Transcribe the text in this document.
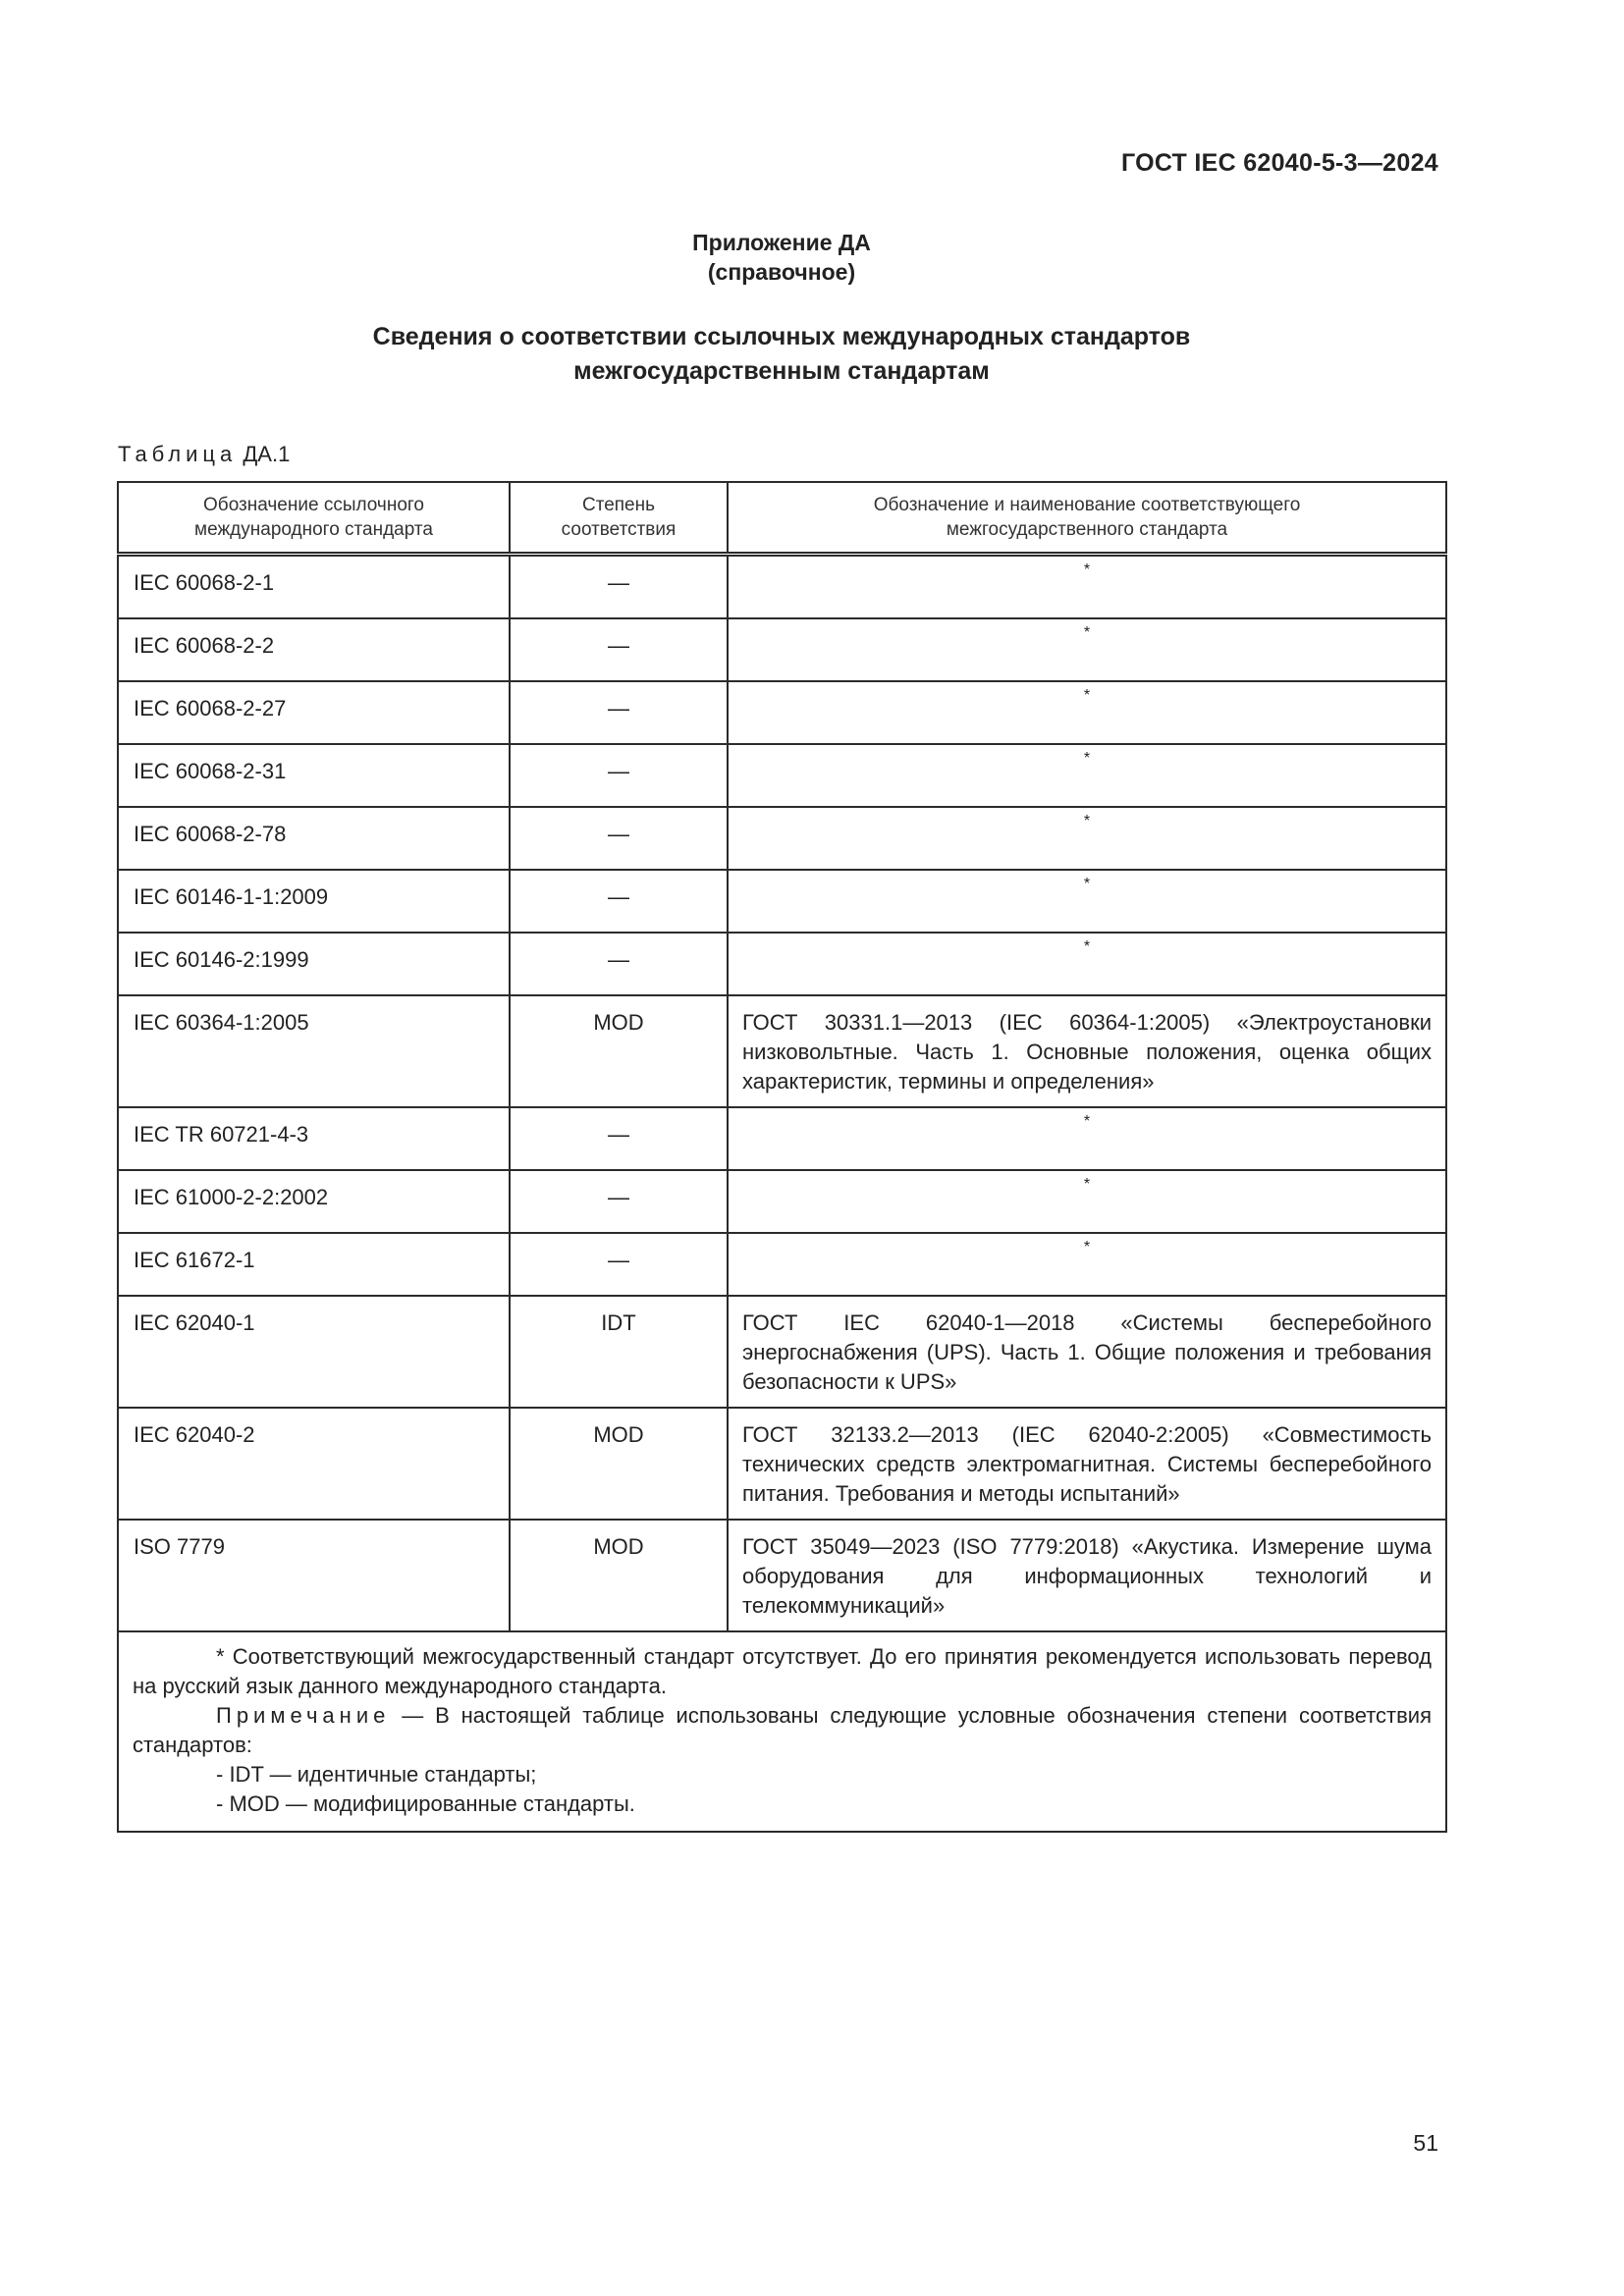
ГОСТ IEC 62040-5-3—2024
Приложение ДА
(справочное)
Сведения о соответствии ссылочных международных стандартов
межгосударственным стандартам
Таблица ДА.1
Обозначение ссылочного международного стандарта	Степень соответствия	Обозначение и наименование соответствующего межгосударственного стандарта
IEC 60068-2-1	—	*
IEC 60068-2-2	—	*
IEC 60068-2-27	—	*
IEC 60068-2-31	—	*
IEC 60068-2-78	—	*
IEC 60146-1-1:2009	—	*
IEC 60146-2:1999	—	*
IEC 60364-1:2005	MOD	ГОСТ 30331.1—2013 (IEC 60364-1:2005) «Электроустановки низковольтные. Часть 1. Основные положения, оценка общих характеристик, термины и определения»
IEC TR 60721-4-3	—	*
IEC 61000-2-2:2002	—	*
IEC 61672-1	—	*
IEC 62040-1	IDT	ГОСТ IEC 62040-1—2018 «Системы бесперебойного энергоснабжения (UPS). Часть 1. Общие положения и требования безопасности к UPS»
IEC 62040-2	MOD	ГОСТ 32133.2—2013 (IEC 62040-2:2005) «Совместимость технических средств электромагнитная. Системы бесперебойного питания. Требования и методы испытаний»
ISO 7779	MOD	ГОСТ 35049—2023 (ISO 7779:2018) «Акустика. Измерение шума оборудования для информационных технологий и телекоммуникаций»

* Соответствующий межгосударственный стандарт отсутствует. До его принятия рекомендуется использовать перевод на русский язык данного международного стандарта.
Примечание — В настоящей таблице использованы следующие условные обозначения степени соответствия стандартов:
- IDT — идентичные стандарты;
- MOD — модифицированные стандарты.		
51
